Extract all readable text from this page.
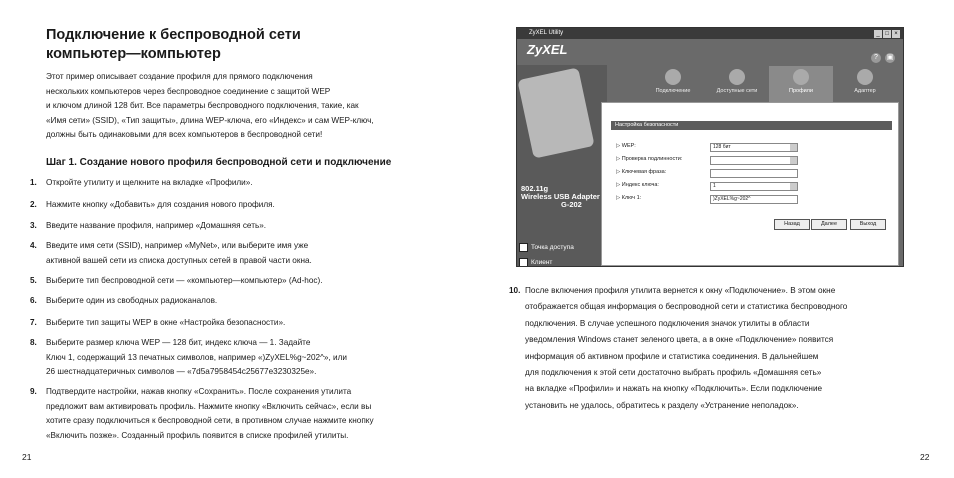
Подключение к беспроводной сети
компьютер—компьютер

Этот пример описывает создание профиля для прямого подключения
нескольких компьютеров через беспроводное соединение с защитой WEP
и ключом длиной 128 бит. Все параметры беспроводного подключения, такие, как
«Имя сети» (SSID), «Тип защиты», длина WEP-ключа, его «Индекс» и сам WEP-ключ,
должны быть одинаковыми для всех компьютеров в беспроводной сети!

Шаг 1. Создание нового профиля беспроводной сети и подключение
1. Откройте утилиту и щелкните на вкладке «Профили».
2. Нажмите кнопку «Добавить» для создания нового профиля.
3. Введите название профиля, например «Домашняя сеть».
4. Введите имя сети (SSID), например «MyNet», или выберите имя уже
активной вашей сети из списка доступных сетей в правой части окна.
5. Выберите тип беспроводной сети — «компьютер—компьютер» (Ad-hoc).
6. Выберите один из свободных радиоканалов.
7. Выберите тип защиты WEP в окне «Настройка безопасности».
8. Выберите размер ключа WEP — 128 бит, индекс ключа — 1. Задайте
Ключ 1, содержащий 13 печатных символов, например «)ZyXEL%g~202^», или
26 шестнадцатеричных символов — «7d5a7958454c25677e3230325e».
9. Подтвердите настройки, нажав кнопку «Сохранить». После сохранения утилита
предложит вам активировать профиль. Нажмите кнопку «Включить сейчас», если вы
хотите сразу подключиться к беспроводной сети, в противном случае нажмите кнопку
«Включить позже». Созданный профиль появится в списке профилей утилиты.
21
ZyXEL Utility	_ □ ×
ZyXEL
? ▣
802.11g
Wireless USB Adapter
G-202
Точка доступа
✓ Клиент
Подключение	Доступные сети	Профили	Адаптер
Настройка безопасности
▷ WEP:	128 бит
▷ Проверка подлинности:
▷ Ключевая фраза:
▷ Индекс ключа:	1
▷ Ключ 1:	)ZyXEL%g~202^
Назад	Далее	Выход
10. После включения профиля утилита вернется к окну «Подключение». В этом окне
отображается общая информация о беспроводной сети и статистика беспроводного
подключения. В случае успешного подключения значок утилиты в области
уведомления Windows станет зеленого цвета, а в окне «Подключение» появится
информация об активном профиле и статистика соединения. В дальнейшем
для подключения к этой сети достаточно выбрать профиль «Домашняя сеть»
на вкладке «Профили» и нажать на кнопку «Подключить». Если подключение
установить не удалось, обратитесь к разделу «Устранение неполадок».
22
